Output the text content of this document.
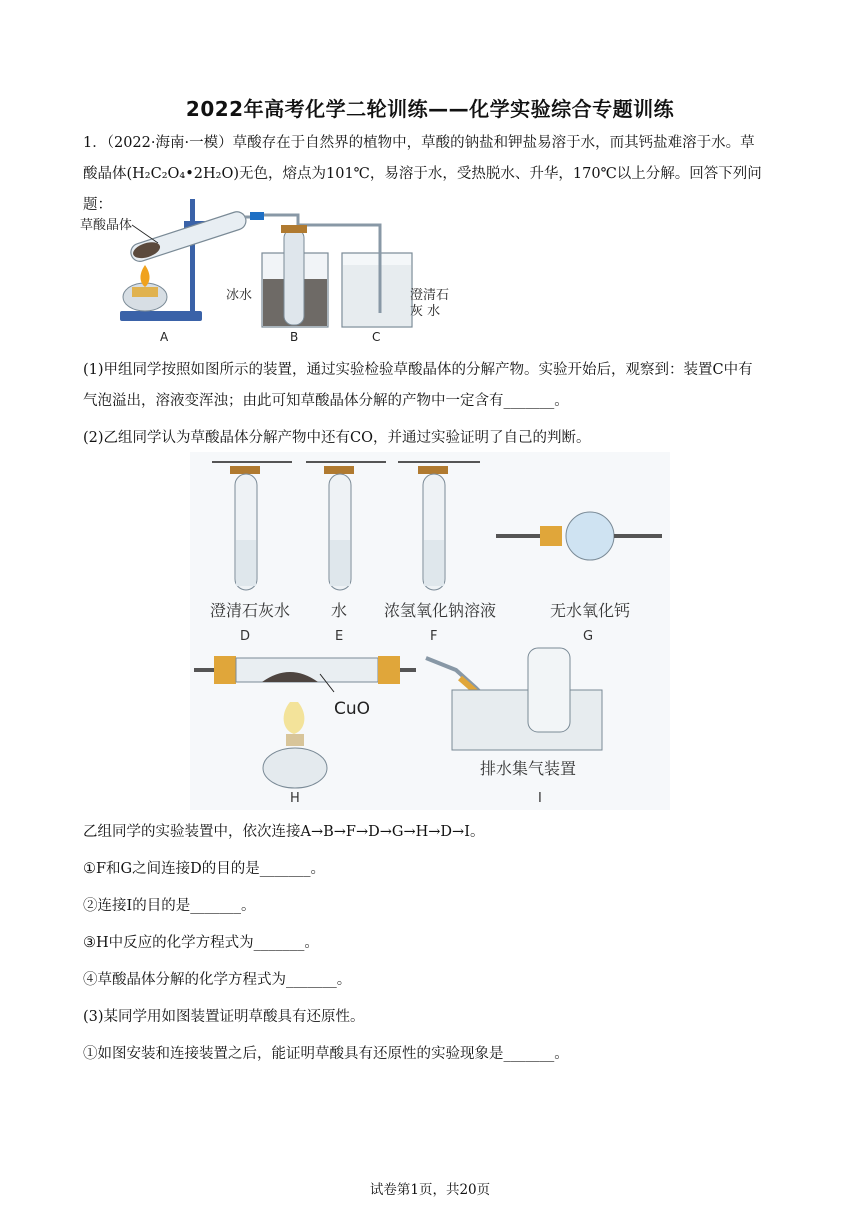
2022年高考化学二轮训练——化学实验综合专题训练
1．（2022·海南·一模）草酸存在于自然界的植物中，草酸的钠盐和钾盐易溶于水，而其钙盐难溶于水。草
酸晶体(H₂C₂O₄•2H₂O)无色，熔点为101℃，易溶于水，受热脱水、升华，170℃以上分解。回答下列问题：
草酸晶体
冰水	澄清石
灰 水
A	B	C
(1)甲组同学按照如图所示的装置，通过实验检验草酸晶体的分解产物。实验开始后，观察到：装置C中有
气泡溢出，溶液变浑浊；由此可知草酸晶体分解的产物中一定含有_______。
(2)乙组同学认为草酸晶体分解产物中还有CO，并通过实验证明了自己的判断。
澄清石灰水
D
水
E
浓氢氧化钠溶液
F
无水氧化钙
G
CuO
H
排水集气装置
I
乙组同学的实验装置中，依次连接A→B→F→D→G→H→D→I。
①F和G之间连接D的目的是_______。
②连接I的目的是_______。
③H中反应的化学方程式为_______。
④草酸晶体分解的化学方程式为_______。
(3)某同学用如图装置证明草酸具有还原性。
①如图安装和连接装置之后，能证明草酸具有还原性的实验现象是_______。
试卷第1页，共20页
